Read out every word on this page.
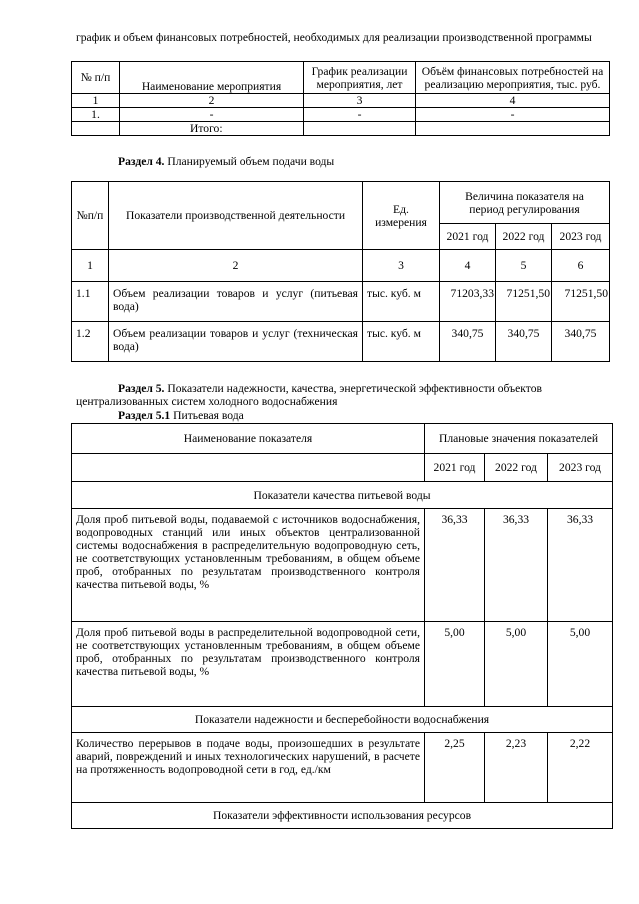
график и объем финансовых потребностей, необходимых для реализации производственной программы
№ п/п	Наименование мероприятия	График реализации мероприятия, лет	Объём финансовых потребностей на реализацию мероприятия, тыс. руб.
1	2	3	4
1.	-	-	-
	Итого:		
Раздел 4. Планируемый объем подачи воды
№п/п	Показатели производственной деятельности	Ед. измерения	Величина показателя на период регулирования		
			2021 год	2022 год	2023 год
1	2	3	4	5	6
1.1	Объем реализации товаров и услуг (питьевая вода)	тыс. куб. м	71203,33	71251,50	71251,50
1.2	Объем реализации товаров и услуг (техническая вода)	тыс. куб. м	340,75	340,75	340,75
Раздел 5. Показатели надежности, качества, энергетической эффективности объектов централизованных систем холодного водоснабжения
Раздел 5.1 Питьевая вода
Наименование показателя	Плановые значения показателей		
	2021 год	2022 год	2023 год
Показатели качества питьевой воды			
Доля проб питьевой воды, подаваемой с источников водоснабжения, водопроводных станций или иных объектов централизованной системы водоснабжения в распределительную водопроводную сеть, не соответствующих установленным требованиям, в общем объеме проб, отобранных по результатам производственного контроля качества питьевой воды, %	36,33	36,33	36,33
Доля проб питьевой воды в распределительной водопроводной сети, не соответствующих установленным требованиям, в общем объеме проб, отобранных по результатам производственного контроля качества питьевой воды, %	5,00	5,00	5,00
Показатели надежности и бесперебойности водоснабжения			
Количество перерывов в подаче воды, произошедших в результате аварий, повреждений и иных технологических нарушений, в расчете на протяженность водопроводной сети в год, ед./км	2,25	2,23	2,22
Показатели эффективности использования ресурсов			
